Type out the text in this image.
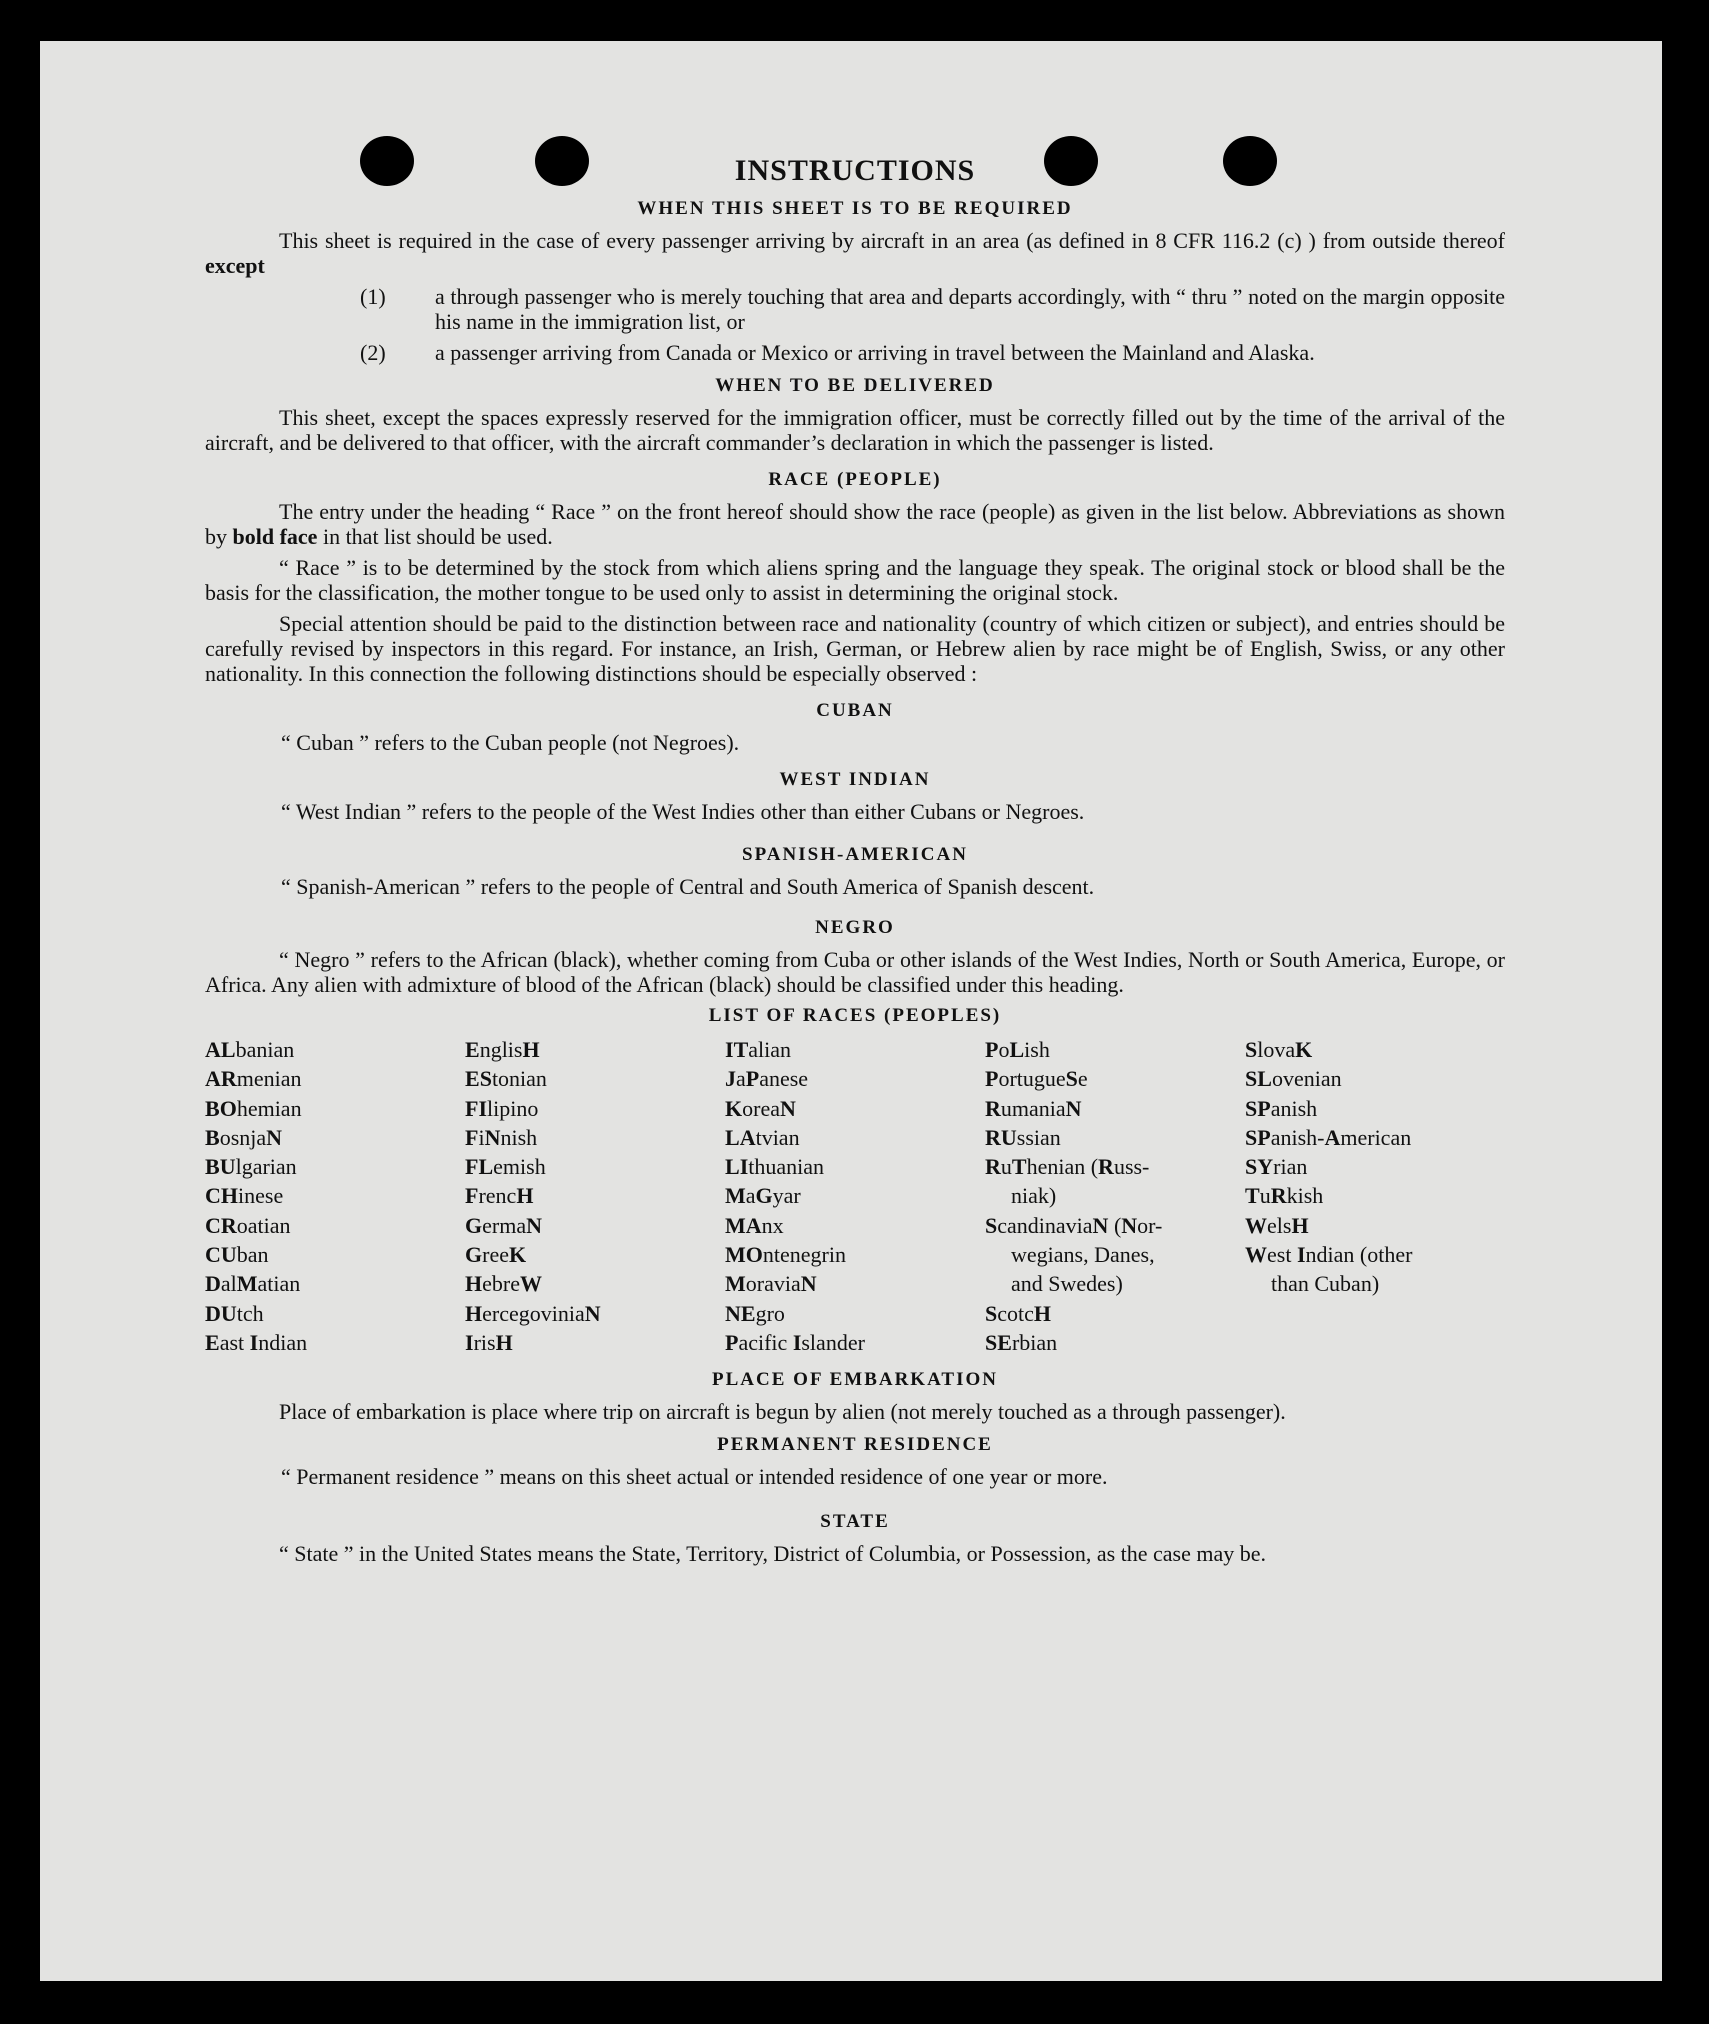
INSTRUCTIONS
WHEN THIS SHEET IS TO BE REQUIRED

This sheet is required in the case of every passenger arriving by aircraft in an area (as defined in 8 CFR 116.2 (c) ) from outside thereof except

(1) a through passenger who is merely touching that area and departs accordingly, with “ thru ” noted on the margin opposite his name in the immigration list, or
(2) a passenger arriving from Canada or Mexico or arriving in travel between the Mainland and Alaska.
WHEN TO BE DELIVERED

This sheet, except the spaces expressly reserved for the immigration officer, must be correctly filled out by the time of the arrival of the aircraft, and be delivered to that officer, with the aircraft commander’s declaration in which the passenger is listed.

RACE (PEOPLE)

The entry under the heading “ Race ” on the front hereof should show the race (people) as given in the list below. Abbreviations as shown by bold face in that list should be used.

“ Race ” is to be determined by the stock from which aliens spring and the language they speak. The original stock or blood shall be the basis for the classification, the mother tongue to be used only to assist in determining the original stock.

Special attention should be paid to the distinction between race and nationality (country of which citizen or subject), and entries should be carefully revised by inspectors in this regard. For instance, an Irish, German, or Hebrew alien by race might be of English, Swiss, or any other nationality. In this connection the following distinctions should be especially observed :

CUBAN
“ Cuban ” refers to the Cuban people (not Negroes).
WEST INDIAN
“ West Indian ” refers to the people of the West Indies other than either Cubans or Negroes.
SPANISH-AMERICAN
“ Spanish-American ” refers to the people of Central and South America of Spanish descent.
NEGRO

“ Negro ” refers to the African (black), whether coming from Cuba or other islands of the West Indies, North or South America, Europe, or Africa. Any alien with admixture of blood of the African (black) should be classified under this heading.

LIST OF RACES (PEOPLES)
ALbanian
ARmenian
BOhemian
BosnjaN
BUlgarian
CHinese
CRoatian
CUban
DalMatian
DUtch
East Indian
EnglisH
EStonian
FIlipino
FiNnish
FLemish
FrencH
GermaN
GreeK
HebreW
HercegoviniaN
IrisH
ITalian
JaPanese
KoreaN
LAtvian
LIthuanian
MaGyar
MAnx
MOntenegrin
MoraviaN
NEgro
Pacific Islander
PoLish
PortugueSe
RumaniaN
RUssian
RuThenian (Russ-
niak)
ScandinaviaN (Nor-
wegians, Danes,
and Swedes)
ScotcH
SErbian
SlovaK
SLovenian
SPanish
SPanish-American
SYrian
TuRkish
WelsH
West Indian (other
than Cuban)
PLACE OF EMBARKATION

Place of embarkation is place where trip on aircraft is begun by alien (not merely touched as a through passenger).

PERMANENT RESIDENCE
“ Permanent residence ” means on this sheet actual or intended residence of one year or more.
STATE

“ State ” in the United States means the State, Territory, District of Columbia, or Possession, as the case may be.
